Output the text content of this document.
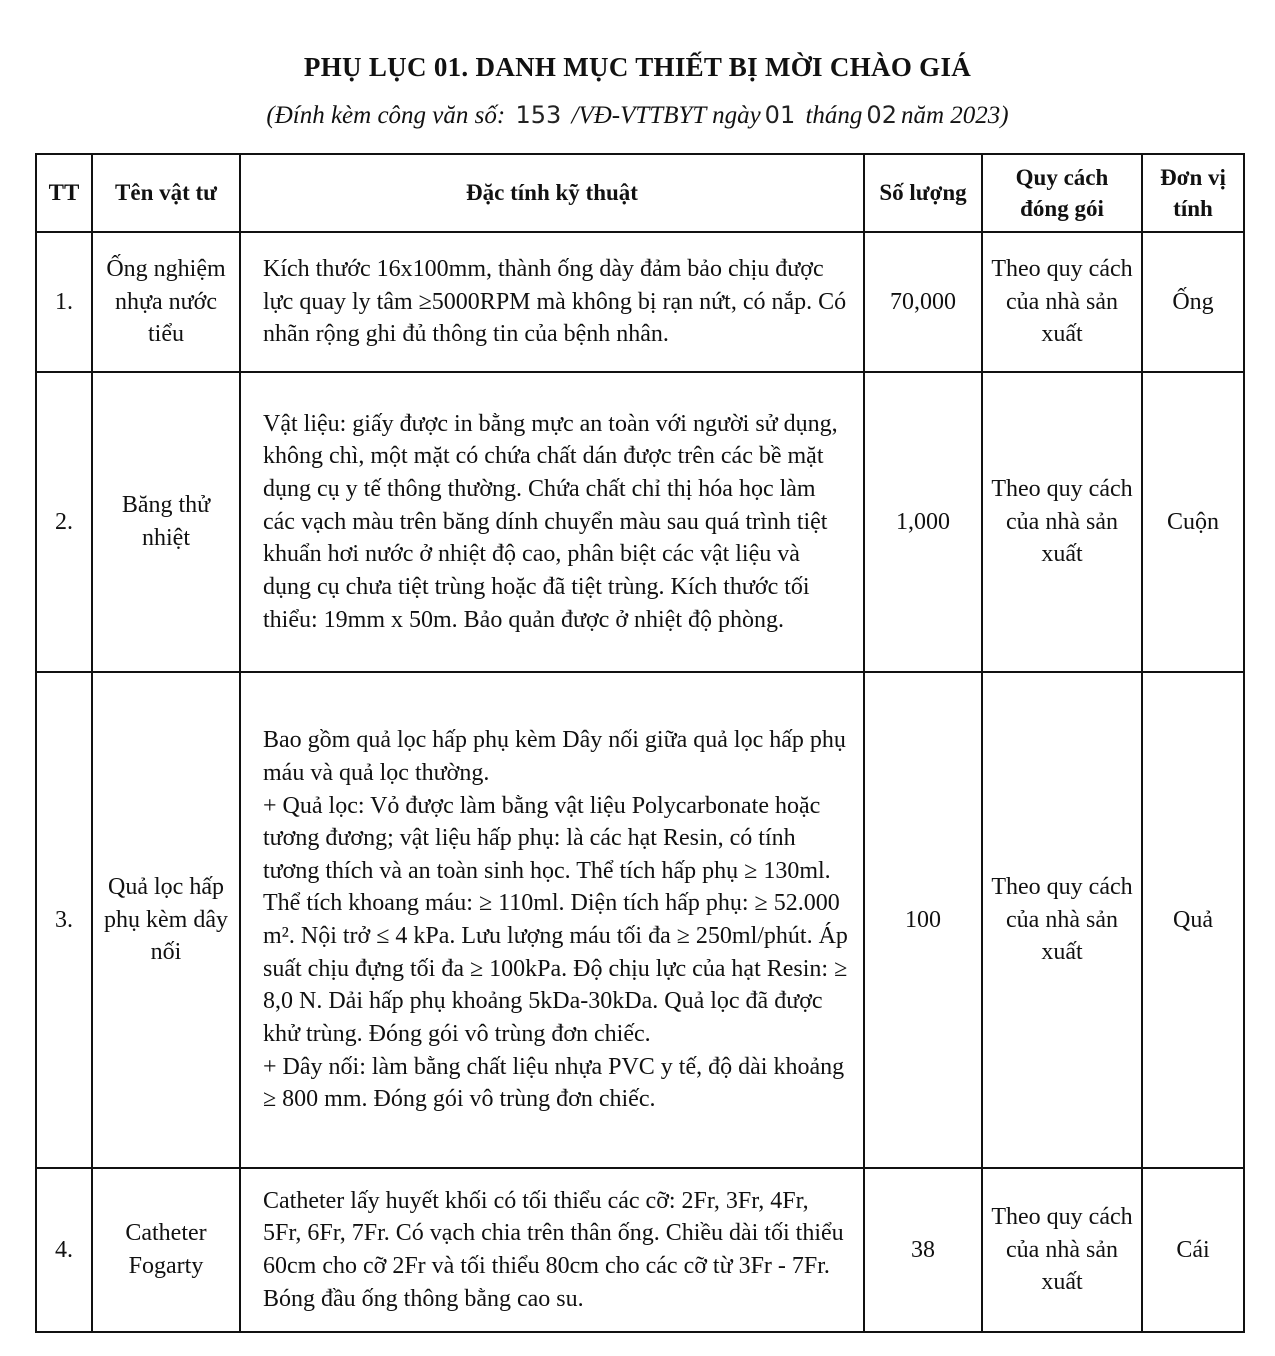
PHỤ LỤC 01. DANH MỤC THIẾT BỊ MỜI CHÀO GIÁ
(Đính kèm công văn số: 153 /VĐ-VTTBYT ngày 01 tháng 02 năm 2023)
TT	Tên vật tư	Đặc tính kỹ thuật	Số lượng	Quy cách đóng gói	Đơn vị tính
1.	Ống nghiệm nhựa nước tiểu	Kích thước 16x100mm, thành ống dày đảm bảo chịu được lực quay ly tâm ≥5000RPM mà không bị rạn nứt, có nắp. Có nhãn rộng ghi đủ thông tin của bệnh nhân.	70,000	Theo quy cách của nhà sản xuất	Ống
2.	Băng thử nhiệt	Vật liệu: giấy được in bằng mực an toàn với người sử dụng, không chì, một mặt có chứa chất dán được trên các bề mặt dụng cụ y tế thông thường. Chứa chất chỉ thị hóa học làm các vạch màu trên băng dính chuyển màu sau quá trình tiệt khuẩn hơi nước ở nhiệt độ cao, phân biệt các vật liệu và dụng cụ chưa tiệt trùng hoặc đã tiệt trùng. Kích thước tối thiểu: 19mm x 50m. Bảo quản được ở nhiệt độ phòng.	1,000	Theo quy cách của nhà sản xuất	Cuộn
3.	Quả lọc hấp phụ kèm dây nối	Bao gồm quả lọc hấp phụ kèm Dây nối giữa quả lọc hấp phụ máu và quả lọc thường.
+ Quả lọc: Vỏ được làm bằng vật liệu Polycarbonate hoặc tương đương; vật liệu hấp phụ: là các hạt Resin, có tính tương thích và an toàn sinh học. Thể tích hấp phụ ≥ 130ml. Thể tích khoang máu: ≥ 110ml. Diện tích hấp phụ: ≥ 52.000 m². Nội trở ≤ 4 kPa. Lưu lượng máu tối đa ≥ 250ml/phút. Áp suất chịu đựng tối đa ≥ 100kPa. Độ chịu lực của hạt Resin: ≥ 8,0 N. Dải hấp phụ khoảng 5kDa-30kDa. Quả lọc đã được khử trùng. Đóng gói vô trùng đơn chiếc.
+ Dây nối: làm bằng chất liệu nhựa PVC y tế, độ dài khoảng ≥ 800 mm. Đóng gói vô trùng đơn chiếc.	100	Theo quy cách của nhà sản xuất	Quả
4.	Catheter Fogarty	Catheter lấy huyết khối có tối thiểu các cỡ: 2Fr, 3Fr, 4Fr, 5Fr, 6Fr, 7Fr. Có vạch chia trên thân ống. Chiều dài tối thiểu 60cm cho cỡ 2Fr và tối thiểu 80cm cho các cỡ từ 3Fr - 7Fr. Bóng đầu ống thông bằng cao su.	38	Theo quy cách của nhà sản xuất	Cái
